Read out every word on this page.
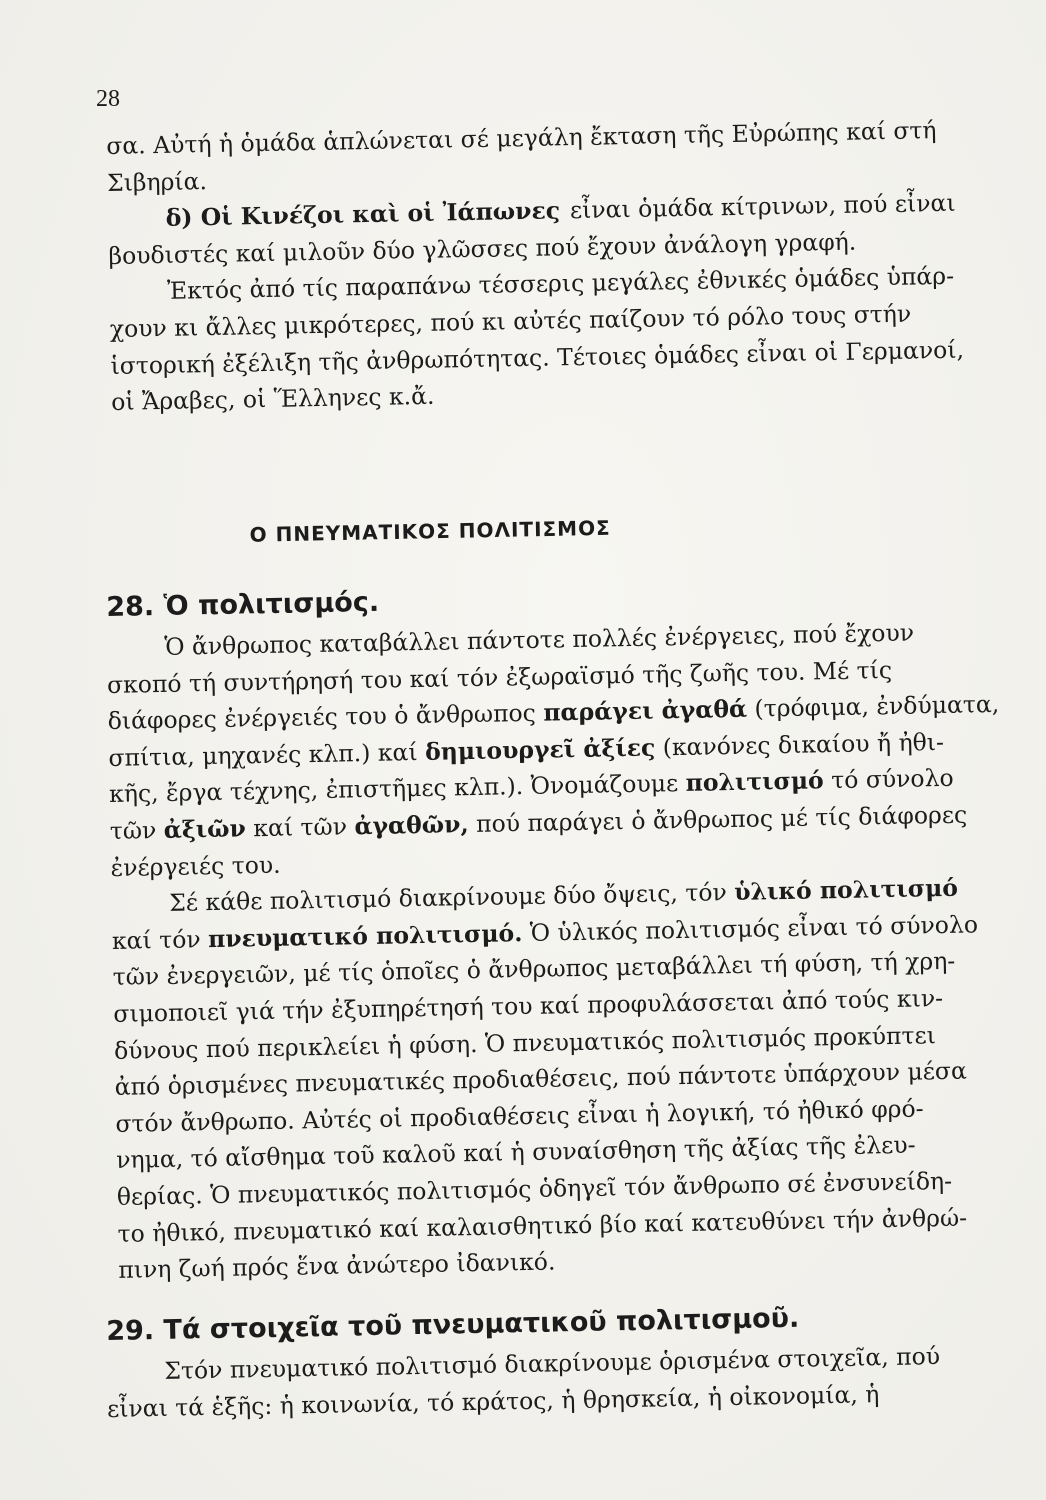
28
σα. Αὐτή ἡ ὁμάδα ἁπλώνεται σέ μεγάλη ἔκταση τῆς Εὐρώπης καί στή
Σιβηρία.
δ) Οἱ Κινέζοι καὶ οἱ Ἰάπωνες εἶναι ὁμάδα κίτρινων, πού εἶναι
βουδιστές καί μιλοῦν δύο γλῶσσες πού ἔχουν ἀνάλογη γραφή.
Ἐκτός ἀπό τίς παραπάνω τέσσερις μεγάλες ἐθνικές ὁμάδες ὑπάρ-
χουν κι ἄλλες μικρότερες, πού κι αὐτές παίζουν τό ρόλο τους στήν
ἱστορική ἐξέλιξη τῆς ἀνθρωπότητας. Τέτοιες ὁμάδες εἶναι οἱ Γερμανοί,
οἱ Ἄραβες, οἱ Ἕλληνες κ.ἄ.

Ο ΠΝΕΥΜΑΤΙΚΟΣ ΠΟΛΙΤΙΣΜΟΣ

28. Ὁ πολιτισμός.
Ὁ ἄνθρωπος καταβάλλει πάντοτε πολλές ἐνέργειες, πού ἔχουν
σκοπό τή συντήρησή του καί τόν ἐξωραϊσμό τῆς ζωῆς του. Μέ τίς
διάφορες ἐνέργειές του ὁ ἄνθρωπος παράγει ἀγαθά (τρόφιμα, ἐνδύματα,
σπίτια, μηχανές κλπ.) καί δημιουργεῖ ἀξίες (κανόνες δικαίου ἤ ἠθι-
κῆς, ἔργα τέχνης, ἐπιστῆμες κλπ.). Ὀνομάζουμε πολιτισμό τό σύνολο
τῶν ἀξιῶν καί τῶν ἀγαθῶν, πού παράγει ὁ ἄνθρωπος μέ τίς διάφορες
ἐνέργειές του.
Σέ κάθε πολιτισμό διακρίνουμε δύο ὄψεις, τόν ὑλικό πολιτισμό
καί τόν πνευματικό πολιτισμό. Ὁ ὑλικός πολιτισμός εἶναι τό σύνολο
τῶν ἐνεργειῶν, μέ τίς ὁποῖες ὁ ἄνθρωπος μεταβάλλει τή φύση, τή χρη-
σιμοποιεῖ γιά τήν ἐξυπηρέτησή του καί προφυλάσσεται ἀπό τούς κιν-
δύνους πού περικλείει ἡ φύση. Ὁ πνευματικός πολιτισμός προκύπτει
ἀπό ὁρισμένες πνευματικές προδιαθέσεις, πού πάντοτε ὑπάρχουν μέσα
στόν ἄνθρωπο. Αὐτές οἱ προδιαθέσεις εἶναι ἡ λογική, τό ἠθικό φρό-
νημα, τό αἴσθημα τοῦ καλοῦ καί ἡ συναίσθηση τῆς ἀξίας τῆς ἐλευ-
θερίας. Ὁ πνευματικός πολιτισμός ὁδηγεῖ τόν ἄνθρωπο σέ ἐνσυνείδη-
το ἠθικό, πνευματικό καί καλαισθητικό βίο καί κατευθύνει τήν ἀνθρώ-
πινη ζωή πρός ἕνα ἀνώτερο ἰδανικό.
29. Τά στοιχεῖα τοῦ πνευματικοῦ πολιτισμοῦ.
Στόν πνευματικό πολιτισμό διακρίνουμε ὁρισμένα στοιχεῖα, πού
εἶναι τά ἑξῆς: ἡ κοινωνία, τό κράτος, ἡ θρησκεία, ἡ οἰκονομία, ἡ
